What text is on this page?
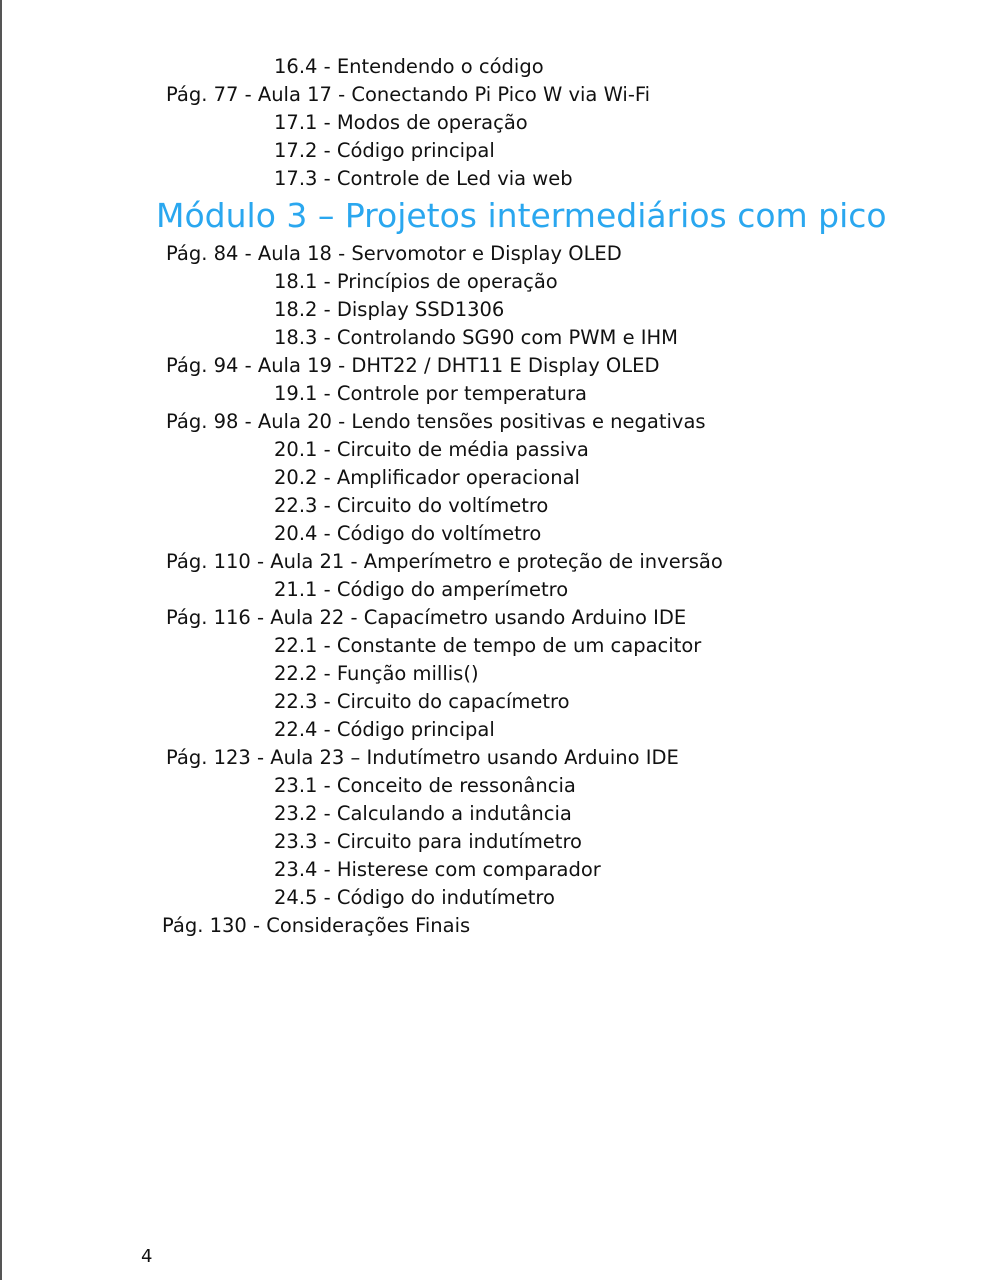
16.4 - Entendendo o código
Pág. 77 - Aula 17 - Conectando Pi Pico W via Wi-Fi
17.1 - Modos de operação
17.2 - Código principal
17.3 - Controle de Led via web
Módulo 3 – Projetos intermediários com pico
Pág. 84 - Aula 18 - Servomotor e Display OLED
18.1 - Princípios de operação
18.2 - Display SSD1306
18.3 - Controlando SG90 com PWM e IHM
Pág. 94 - Aula 19 - DHT22 / DHT11 E Display OLED
19.1 - Controle por temperatura
Pág. 98 - Aula 20 - Lendo tensões positivas e negativas
20.1 - Circuito de média passiva
20.2 - Amplificador operacional
22.3 - Circuito do voltímetro
20.4 - Código do voltímetro
Pág. 110 - Aula 21 - Amperímetro e proteção de inversão
21.1 - Código do amperímetro
Pág. 116 - Aula 22 - Capacímetro usando Arduino IDE
22.1 - Constante de tempo de um capacitor
22.2 - Função millis()
22.3 - Circuito do capacímetro
22.4 - Código principal
Pág. 123 - Aula 23 – Indutímetro usando Arduino IDE
23.1 - Conceito de ressonância
23.2 - Calculando a indutância
23.3 - Circuito para indutímetro
23.4 - Histerese com comparador
24.5 - Código do indutímetro
Pág. 130 - Considerações Finais
4
